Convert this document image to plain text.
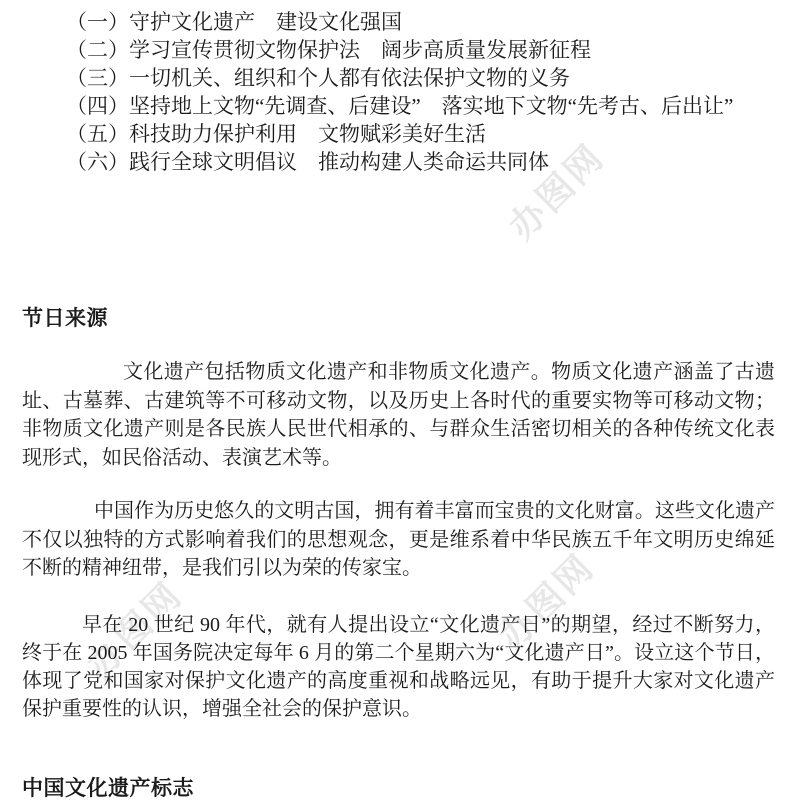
办图网
办图网	办图网
（一）守护文化遗产　建设文化强国
（二）学习宣传贯彻文物保护法　阔步高质量发展新征程
（三）一切机关、组织和个人都有依法保护文物的义务
（四）坚持地上文物“先调查、后建设”　落实地下文物“先考古、后出让”
（五）科技助力保护利用　文物赋彩美好生活
（六）践行全球文明倡议　推动构建人类命运共同体
节日来源
文化遗产包括物质文化遗产和非物质文化遗产。物质文化遗产涵盖了古遗址、古墓葬、古建筑等不可移动文物，以及历史上各时代的重要实物等可移动文物；非物质文化遗产则是各民族人民世代相承的、与群众生活密切相关的各种传统文化表现形式，如民俗活动、表演艺术等。
中国作为历史悠久的文明古国，拥有着丰富而宝贵的文化财富。这些文化遗产不仅以独特的方式影响着我们的思想观念，更是维系着中华民族五千年文明历史绵延不断的精神纽带，是我们引以为荣的传家宝。
早在 20 世纪 90 年代，就有人提出设立“文化遗产日”的期望，经过不断努力，终于在 2005 年国务院决定每年 6 月的第二个星期六为“文化遗产日”。设立这个节日，体现了党和国家对保护文化遗产的高度重视和战略远见，有助于提升大家对文化遗产保护重要性的认识，增强全社会的保护意识。
中国文化遗产标志
